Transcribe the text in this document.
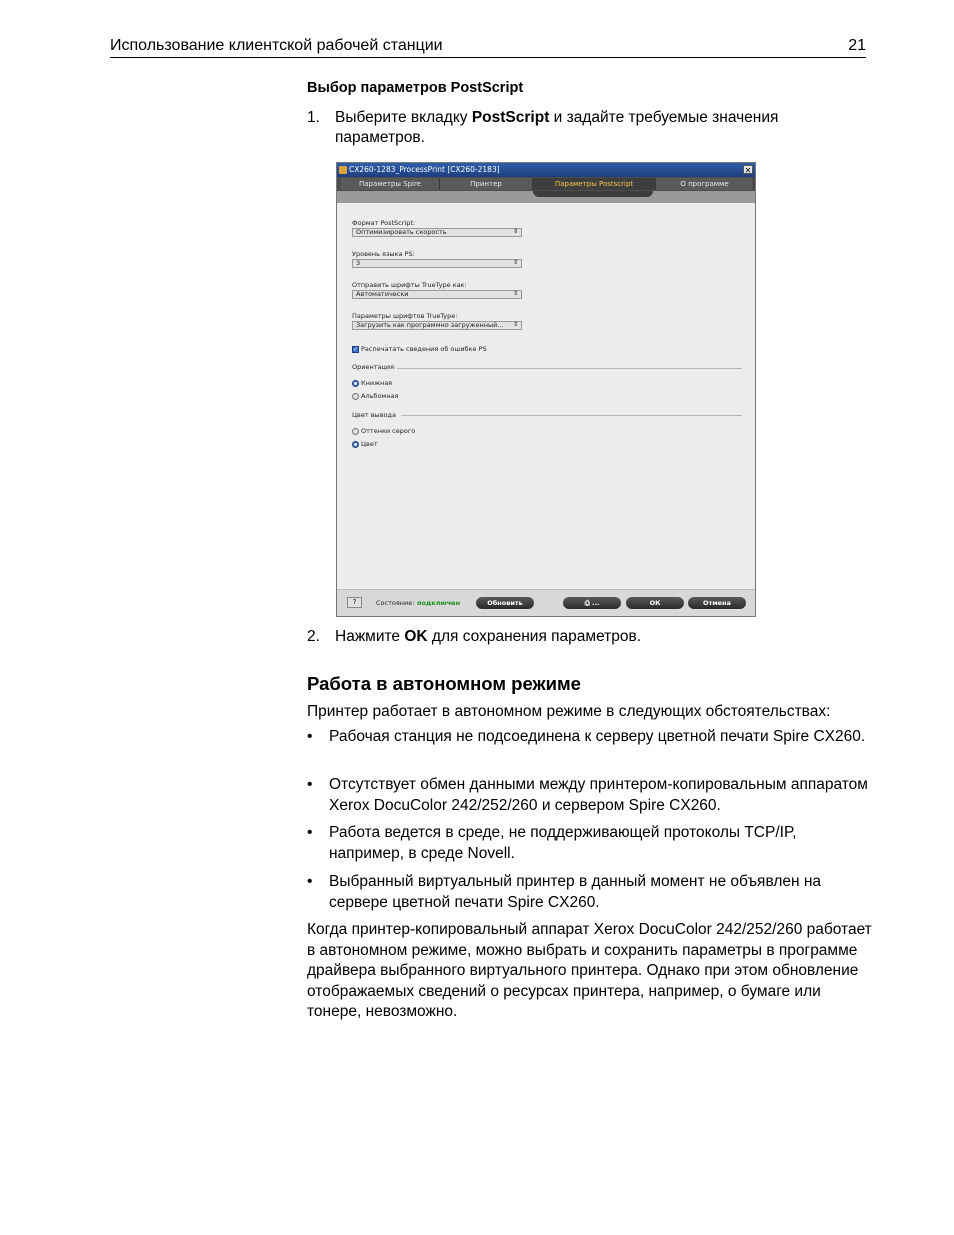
Использование клиентской рабочей станции	21
Выбор параметров PostScript
1. Выберите вкладку PostScript и задайте требуемые значения параметров.
CX260-1283_ProcessPrint [CX260-2183]	✕
Параметры Spire	Принтер	Параметры Postscript	О программе
Формат PostScript:
Оптимизировать скорость	⇕
Уровень языка PS:
3	⇕
Отправить шрифты TrueType как:
Автоматически	⇕
Параметры шрифтов TrueType:
Загрузить как программно загруженный... ⇕
✓ Распечатать сведения об ошибке PS
Ориентация
Книжная
Альбомная
Цвет вывода
Оттенки серого
Цвет
?	Состояние: подключен	Обновить	⎙ ...	ОК	Отмена
2. Нажмите OK для сохранения параметров.
Работа в автономном режиме
Принтер работает в автономном режиме в следующих обстоятельствах:
• Рабочая станция не подсоединена к серверу цветной печати Spire CX260.
• Отсутствует обмен данными между принтером-копировальным аппаратом Xerox DocuColor 242/252/260 и сервером Spire CX260.
• Работа ведется в среде, не поддерживающей протоколы TCP/IP, например, в среде Novell.
• Выбранный виртуальный принтер в данный момент не объявлен на сервере цветной печати Spire CX260.
Когда принтер-копировальный аппарат Xerox DocuColor 242/252/260 работает в автономном режиме, можно выбрать и сохранить параметры в программе драйвера выбранного виртуального принтера. Однако при этом обновление отображаемых сведений о ресурсах принтера, например, о бумаге или тонере, невозможно.
